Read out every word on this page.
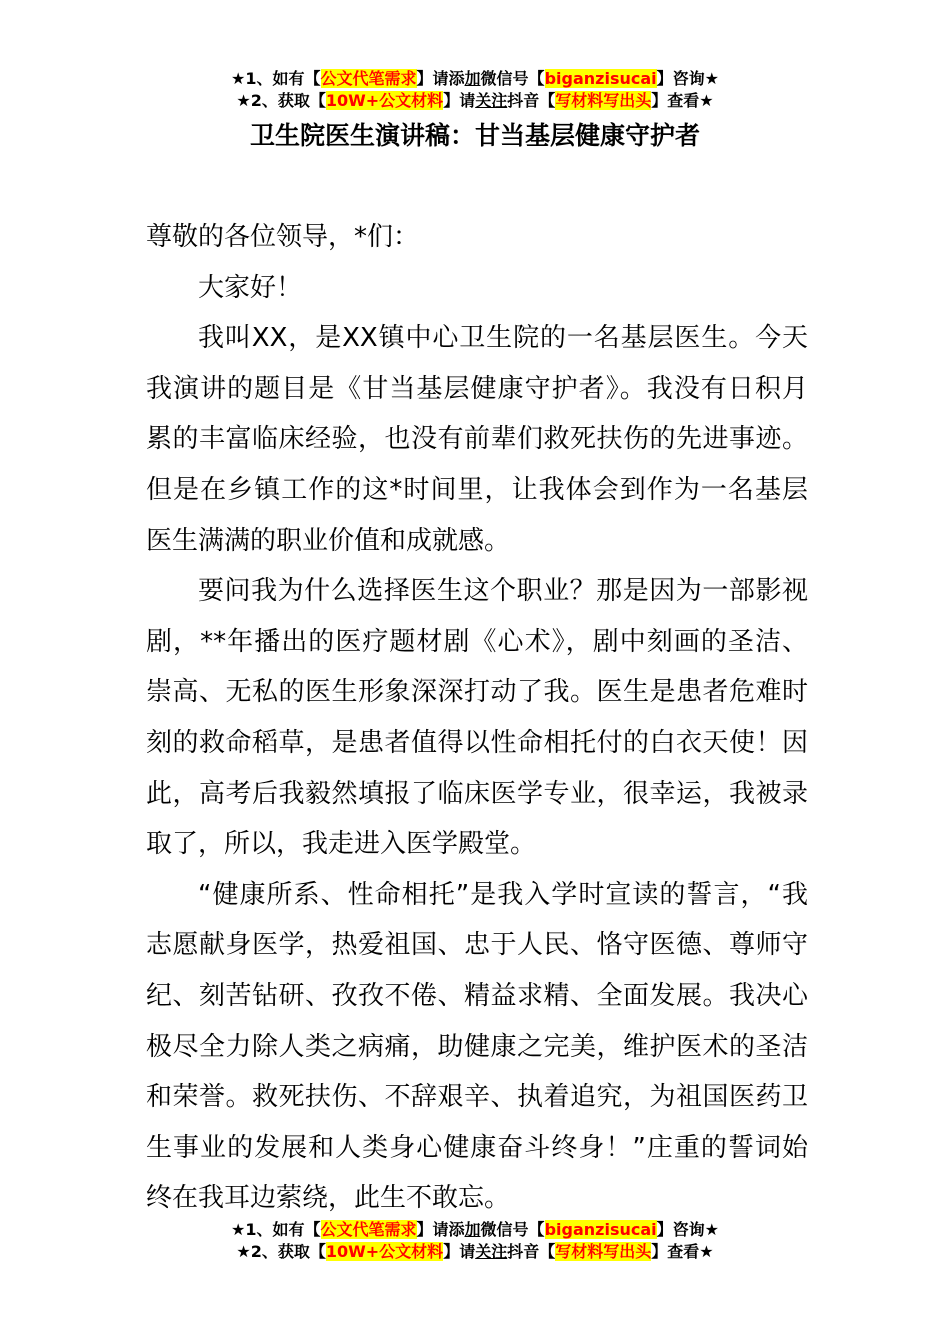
★1、如有【公文代笔需求】请添加微信号【biganzisucai】咨询★
★2、获取【10W+公文材料】请关注抖音【写材料写出头】查看★
卫生院医生演讲稿：甘当基层健康守护者

尊敬的各位领导，*们：

大家好！

我叫XX，是XX镇中心卫生院的一名基层医生。今天我演讲的题目是《甘当基层健康守护者》。我没有日积月累的丰富临床经验，也没有前辈们救死扶伤的先进事迹。但是在乡镇工作的这*时间里，让我体会到作为一名基层医生满满的职业价值和成就感。

要问我为什么选择医生这个职业？那是因为一部影视剧，**年播出的医疗题材剧《心术》，剧中刻画的圣洁、崇高、无私的医生形象深深打动了我。医生是患者危难时刻的救命稻草，是患者值得以性命相托付的白衣天使！因此，高考后我毅然填报了临床医学专业，很幸运，我被录取了，所以，我走进入医学殿堂。

“健康所系、性命相托”是我入学时宣读的誓言，“我志愿献身医学，热爱祖国、忠于人民、恪守医德、尊师守纪、刻苦钻研、孜孜不倦、精益求精、全面发展。我决心极尽全力除人类之病痛，助健康之完美，维护医术的圣洁和荣誉。救死扶伤、不辞艰辛、执着追究，为祖国医药卫生事业的发展和人类身心健康奋斗终身！”庄重的誓词始终在我耳边萦绕，此生不敢忘。

★1、如有【公文代笔需求】请添加微信号【biganzisucai】咨询★
★2、获取【10W+公文材料】请关注抖音【写材料写出头】查看★
